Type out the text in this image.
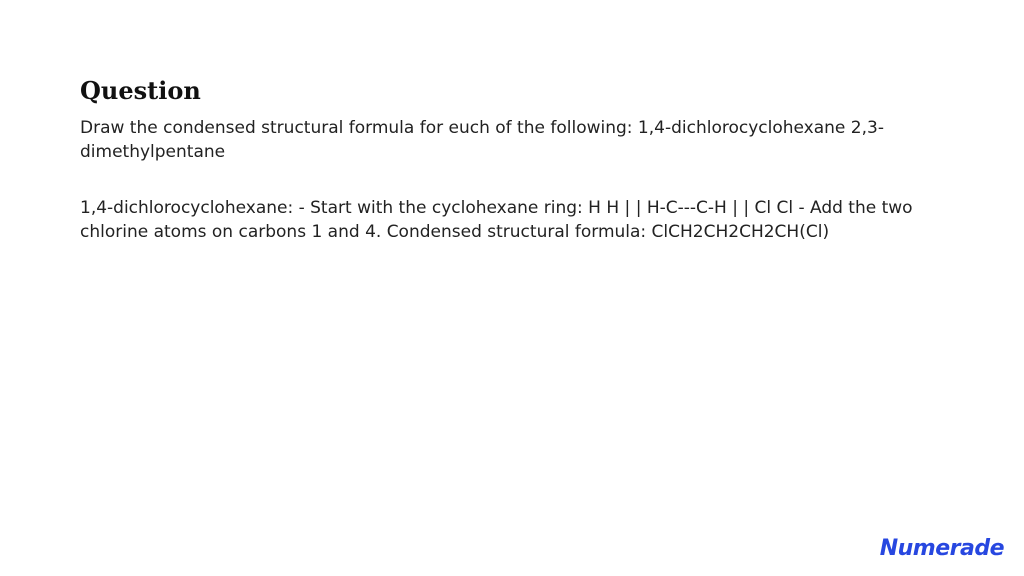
Question

Draw the condensed structural formula for euch of the following: 1,4-dichlorocyclohexane 2,3-dimethylpentane

1,4-dichlorocyclohexane: - Start with the cyclohexane ring: H H | | H-C---C-H | | Cl Cl - Add the two chlorine atoms on carbons 1 and 4. Condensed structural formula: ClCH2CH2CH2CH(Cl)

Numerade
